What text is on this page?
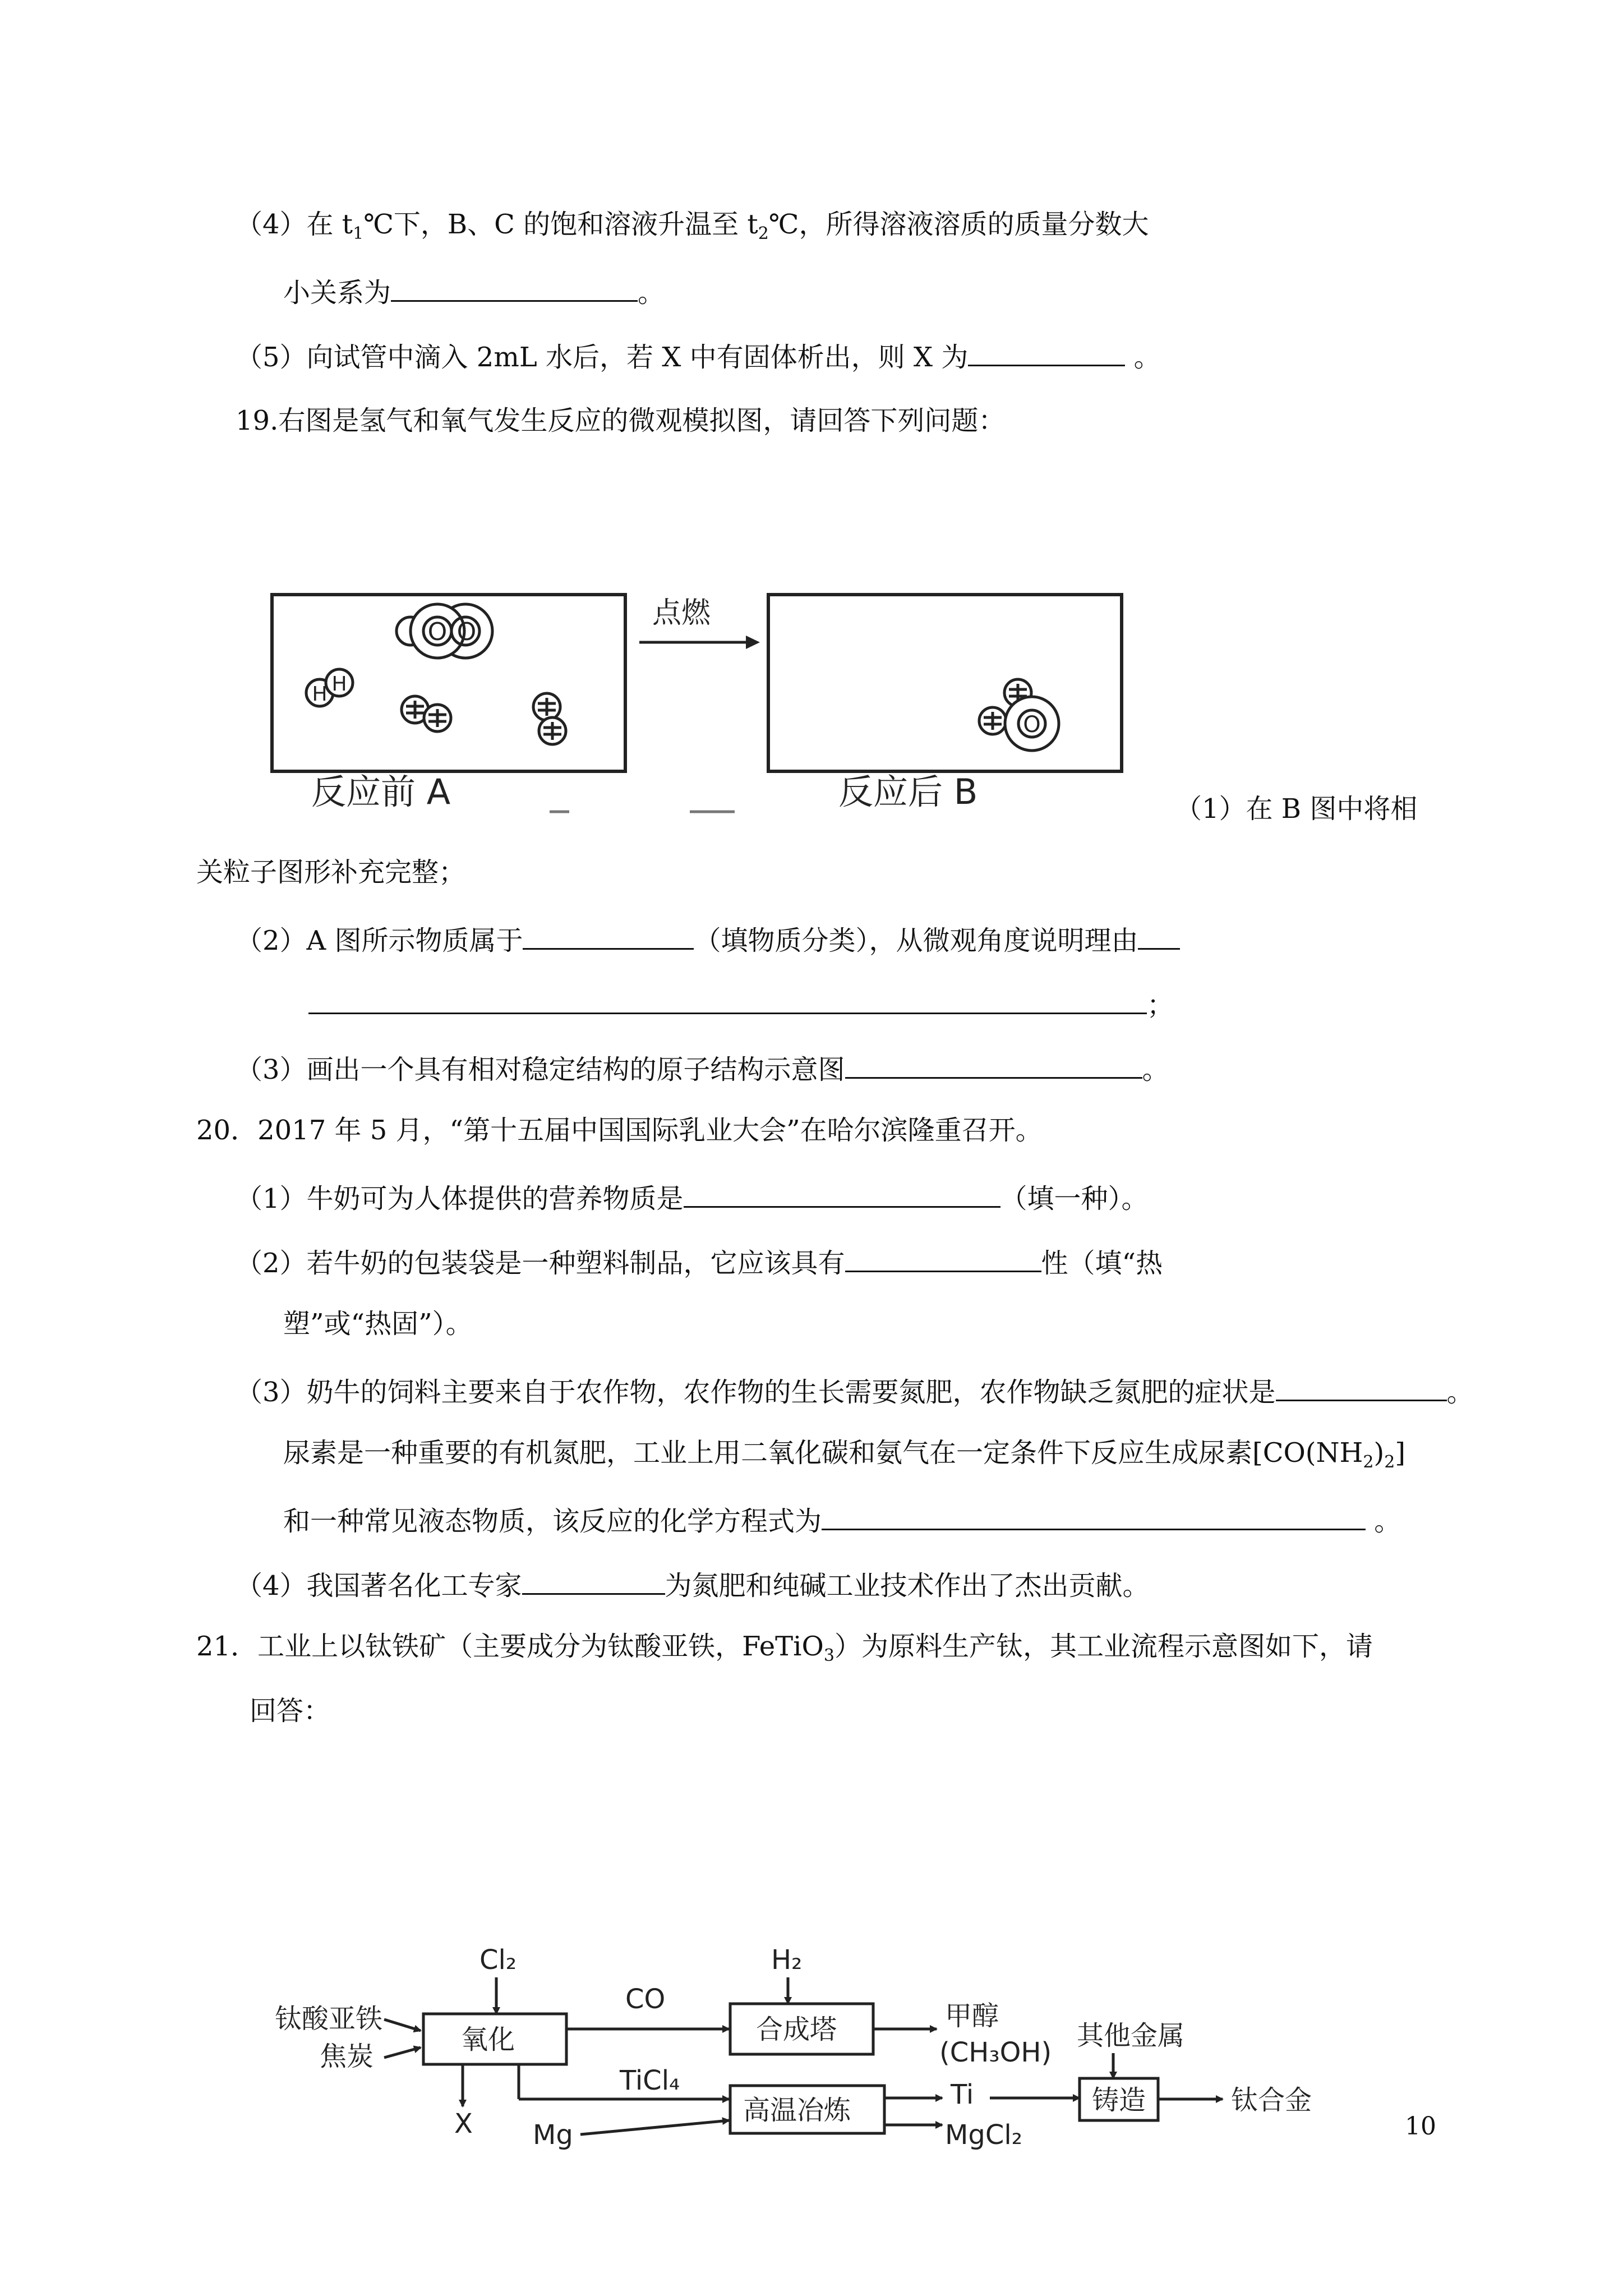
（4）在 $t_1℃$下，B、C 的饱和溶液升温至 $t_2℃$，所得溶液溶质的质量分数大
小关系为	。
（5）向试管中滴入 2mL 水后，若 X 中有固体析出，则 X 为	。
19.右图是氢气和氧气发生反应的微观模拟图，请回答下列问题：
O O
H H
点燃
O
反应前 A	反应后 B	（1）在 B 图中将相
关粒子图形补充完整；
（2）A 图所示物质属于	（填物质分类），从微观角度说明理由
；
（3）画出一个具有相对稳定结构的原子结构示意图	。
20．2017 年 5 月，“第十五届中国国际乳业大会”在哈尔滨隆重召开。
（1）牛奶可为人体提供的营养物质是	（填一种）。
（2）若牛奶的包装袋是一种塑料制品，它应该具有	性（填“热
塑”或“热固”）。
（3）奶牛的饲料主要来自于农作物，农作物的生长需要氮肥，农作物缺乏氮肥的症状是	。
尿素是一种重要的有机氮肥，工业上用二氧化碳和氨气在一定条件下反应生成尿素$[CO(NH_2)_2]$
和一种常见液态物质，该反应的化学方程式为	。
（4）我国著名化工专家	为氮肥和纯碱工业技术作出了杰出贡献。
21．工业上以钛铁矿（主要成分为钛酸亚铁，FeTiO$_3$）为原料生产钛，其工业流程示意图如下，请
回答：
钛酸亚铁
焦炭
Cl₂
氧化
X
CO
H₂
合成塔	甲醇
(CH₃OH)
TiCl₄
Mg
高温冶炼	Ti
MgCl₂
其他金属
铸造	钛合金
10
